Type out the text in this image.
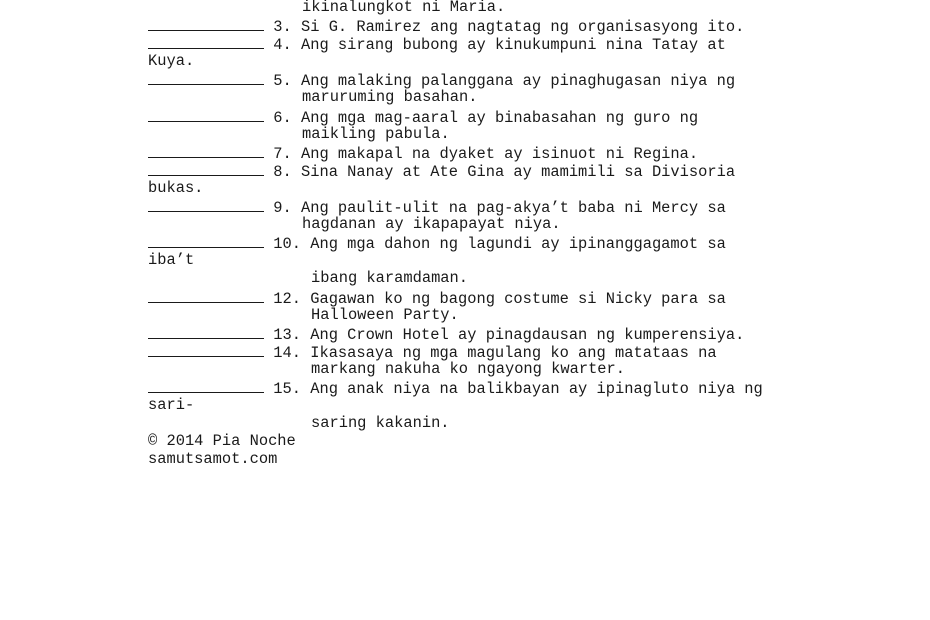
ikinalungkot ni Maria.
3. Si G. Ramirez ang nagtatag ng organisasyong ito.
4. Ang sirang bubong ay kinukumpuni nina Tatay at
Kuya.
5. Ang malaking palanggana ay pinaghugasan niya ng
maruruming basahan.
6. Ang mga mag-aaral ay binabasahan ng guro ng
maikling pabula.
7. Ang makapal na dyaket ay isinuot ni Regina.
8. Sina Nanay at Ate Gina ay mamimili sa Divisoria
bukas.
9. Ang paulit-ulit na pag-akya’t baba ni Mercy sa
hagdanan ay ikapapayat niya.
10. Ang mga dahon ng lagundi ay ipinanggagamot sa
iba’t
ibang karamdaman.
12. Gagawan ko ng bagong costume si Nicky para sa
Halloween Party.
13. Ang Crown Hotel ay pinagdausan ng kumperensiya.
14. Ikasasaya ng mga magulang ko ang matataas na
markang nakuha ko ngayong kwarter.
15. Ang anak niya na balikbayan ay ipinagluto niya ng
sari-
saring kakanin.
© 2014 Pia Noche
samutsamot.com
